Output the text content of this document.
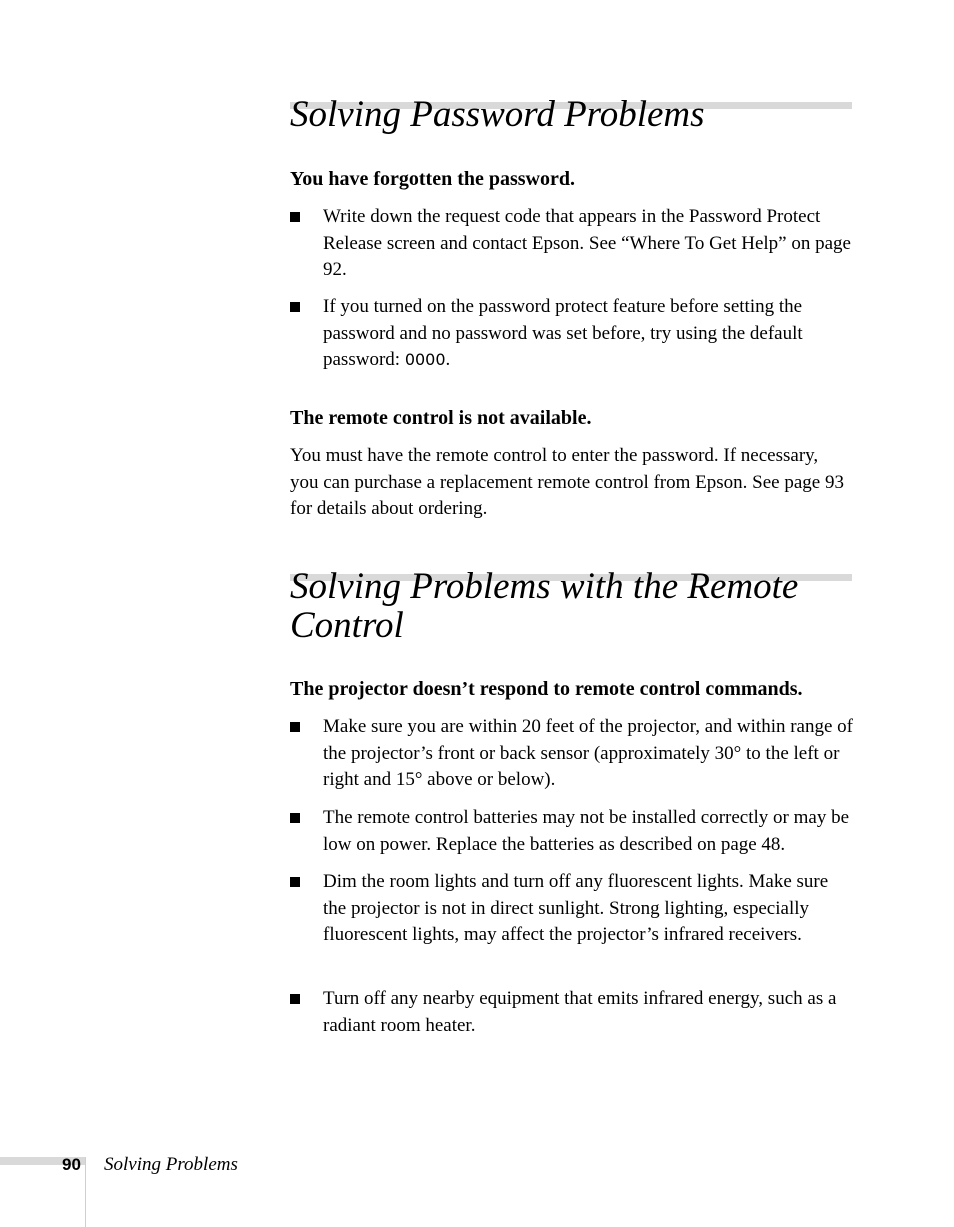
Solving Password Problems
You have forgotten the password.
Write down the request code that appears in the Password Protect Release screen and contact Epson. See “Where To Get Help” on page 92.
If you turned on the password protect feature before setting the password and no password was set before, try using the default password: 0000.
The remote control is not available.

You must have the remote control to enter the password. If necessary, you can purchase a replacement remote control from Epson. See page 93 for details about ordering.

Solving Problems with the Remote
Control
The projector doesn’t respond to remote control commands.
Make sure you are within 20 feet of the projector, and within range of the projector’s front or back sensor (approximately 30° to the left or right and 15° above or below).
The remote control batteries may not be installed correctly or may be low on power. Replace the batteries as described on page 48.
Dim the room lights and turn off any fluorescent lights. Make sure the projector is not in direct sunlight. Strong lighting, especially fluorescent lights, may affect the projector’s infrared receivers.
Turn off any nearby equipment that emits infrared energy, such as a radiant room heater.
90 Solving Problems
